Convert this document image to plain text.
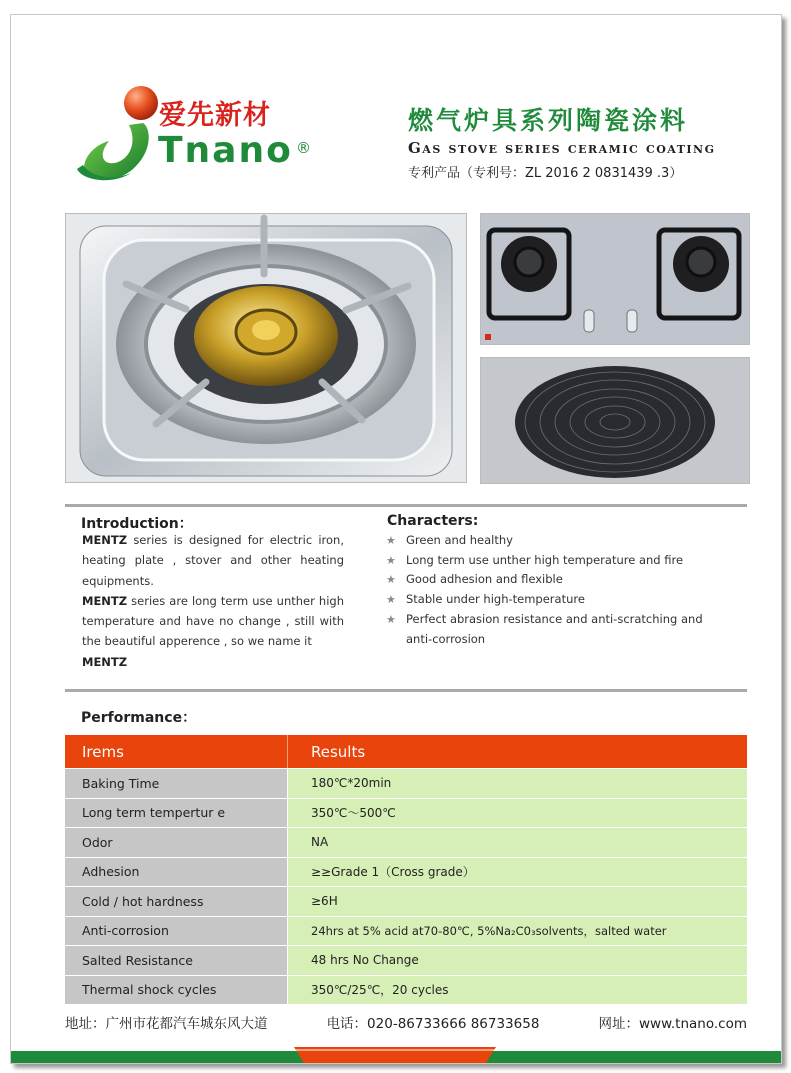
爱先新材
Tnano ®
燃气炉具系列陶瓷涂料
Gas stove series ceramic coating
专利产品（专利号：ZL 2016 2 0831439 .3）
Introduction：
MENTZ series is designed for electric iron, heating plate , stover and other heating equipments.
MENTZ series are long term use unther high temperature and have no change , still with the beautiful apperence , so we name it
MENTZ
Characters:
★ Green and healthy
★ Long term use unther high temperature and fire
★ Good adhesion and flexible
★ Stable under high-temperature
★ Perfect abrasion resistance and anti-scratching and anti-corrosion
Performance：
Irems	Results
Baking Time	180℃*20min
Long term tempertur e	350℃～500℃
Odor	NA
Adhesion	≥≥Grade 1（Cross grade）
Cold / hot hardness	≥6H
Anti-corrosion	24hrs at 5% acid at70-80℃, 5%Na₂C0₃solvents，salted water
Salted Resistance	48 hrs No Change
Thermal shock cycles	350℃/25℃，20 cycles
地址：广州市花都汽车城东风大道	电话：020-86733666 86733658	网址：www.tnano.com
